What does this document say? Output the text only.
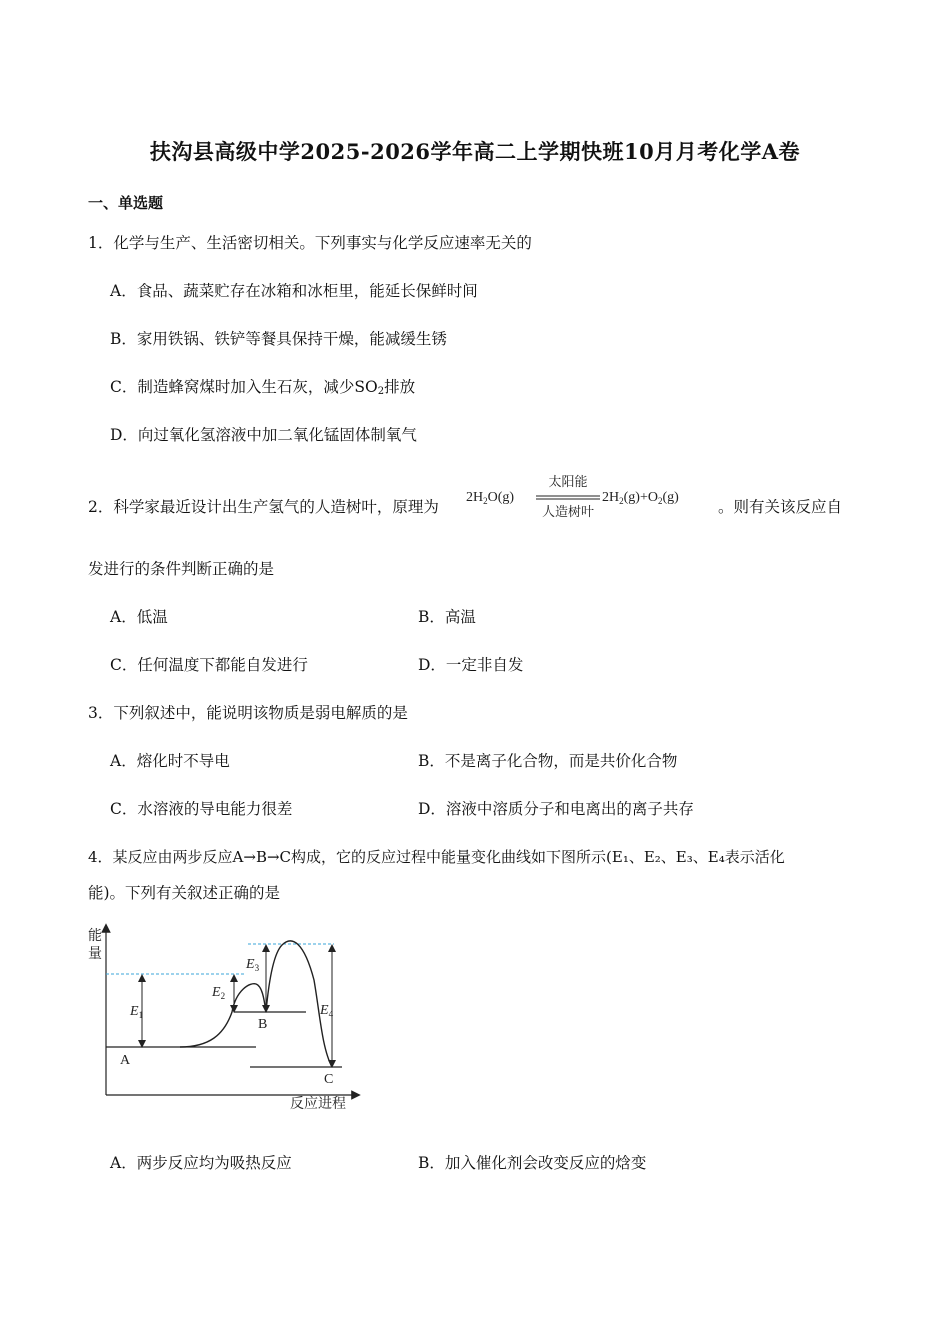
扶沟县高级中学2025-2026学年高二上学期快班10月月考化学A卷
一、单选题
1．化学与生产、生活密切相关。下列事实与化学反应速率无关的
A．食品、蔬菜贮存在冰箱和冰柜里，能延长保鲜时间
B．家用铁锅、铁铲等餐具保持干燥，能减缓生锈
C．制造蜂窝煤时加入生石灰，减少$SO_2$排放
D．向过氧化氢溶液中加二氧化锰固体制氧气
2．科学家最近设计出生产氢气的人造树叶，原理为
$2H_2O(g)$
太阳能
人造树叶
$2H_2(g)+O_2(g)$
。则有关该反应自
发进行的条件判断正确的是
A．低温	B．高温
C．任何温度下都能自发进行	D．一定非自发
3．下列叙述中，能说明该物质是弱电解质的是
A．熔化时不导电	B．不是离子化合物，而是共价化合物
C．水溶液的导电能力很差	D．溶液中溶质分子和电离出的离子共存
4．某反应由两步反应A→B→C构成，它的反应过程中能量变化曲线如下图所示(E₁、E₂、E₃、E₄表示活化
能)。下列有关叙述正确的是
能
量
反应进程
A
B
C
$E_1$
$E_2$
$E_3$
$E_4$
A．两步反应均为吸热反应	B．加入催化剂会改变反应的焓变
